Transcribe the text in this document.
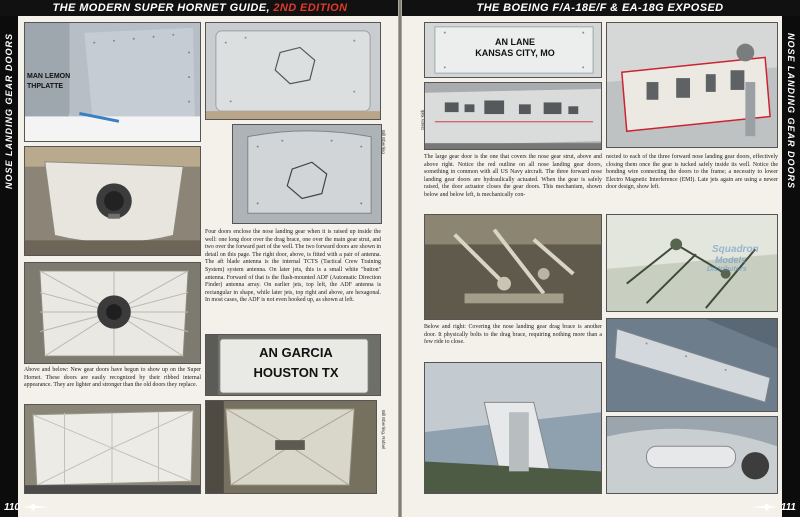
THE MODERN SUPER HORNET GUIDE, 2ND EDITION
NOSE LANDING GEAR DOORS MAN LEMON
THPLATTE
Above and below: New gear doors have begun to show up on the Super Hornet. These doors are easily recognized by their ribbed internal appearance. They are lighter and stronger than the old doors they replace.
Bill Eberling
Four doors enclose the nose landing gear when it is raised up inside the well: one long door over the drag brace, one over the main gear strut, and two over the forward part of the well. The two forward doors are shown in detail on this page. The right door, above, is fitted with a pair of antenna. The aft blade antenna is the internal TCTS (Tactical Crew Training System) system antenna. On later jets, this is a small white "button" antenna. Forward of that is the flush-mounted ADF (Automatic Direction Finder) antenna array. On earlier jets, top left, the ADF antenna is rectangular in shape, while later jets, top right and above, are hexagonal. In most cases, the ADF is not even hooked up, as shown at left.
AN GARCIA
HOUSTON TX
Bill Eberling, Rafael
110
THE BOEING F/A-18E/F & EA-18G EXPOSED
NOSE LANDING GEAR DOORS
AN LANE
KANSAS CITY, MO
Gerry Kirk
The large gear door is the one that covers the nose gear strut, above and above right. Notice the red outline on all nose landing gear doors, something in common with all US Navy aircraft. The three forward nose landing gear doors are hydraulically actuated. When the gear is safely raised, the door actuator closes the gear doors. This mechanism, shown below and below left, is mechanically con-
nected to each of the three forward nose landing gear doors, effectively closing them once the gear is tucked safely inside its well. Notice the bonding wire connecting the doors to the frame; a necessity to lower Electro Magnetic Interference (EMI). Late jets again are using a newer door design, show left.
Squadron
Models
Distributors
Below and right: Covering the nose landing gear drag brace is another door. It physically bolts to the drag brace, requiring nothing more than a few ride to close.
111
